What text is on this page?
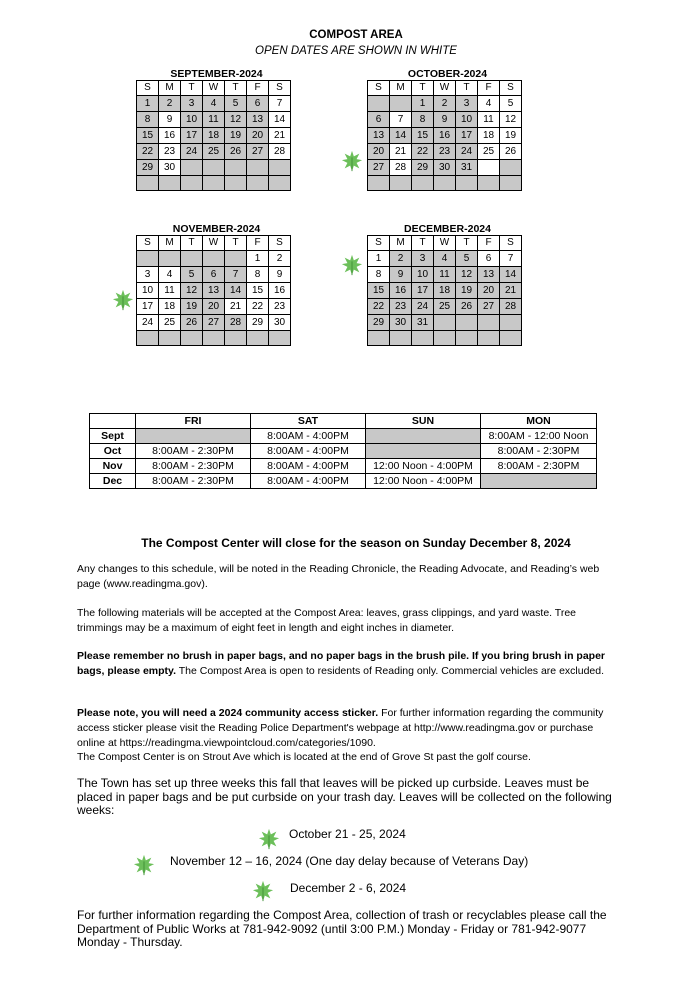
COMPOST AREA
OPEN DATES ARE SHOWN IN WHITE
SEPTEMBER-2024
S	M	T	W	T	F	S
1	2	3	4	5	6	7
8	9	10	11	12	13	14
15	16	17	18	19	20	21
22	23	24	25	26	27	28
29	30					

OCTOBER-2024
S	M	T	W	T	F	S
		1	2	3	4	5
6	7	8	9	10	11	12
13	14	15	16	17	18	19
20	21	22	23	24	25	26
27	28	29	30	31		

NOVEMBER-2024
S	M	T	W	T	F	S
					1	2
3	4	5	6	7	8	9
10	11	12	13	14	15	16
17	18	19	20	21	22	23
24	25	26	27	28	29	30

DECEMBER-2024
S	M	T	W	T	F	S
1	2	3	4	5	6	7
8	9	10	11	12	13	14
15	16	17	18	19	20	21
22	23	24	25	26	27	28
29	30	31				

	FRI	SAT	SUN	MON
Sept		8:00AM - 4:00PM		8:00AM - 12:00 Noon
Oct	8:00AM - 2:30PM	8:00AM - 4:00PM		8:00AM - 2:30PM
Nov	8:00AM - 2:30PM	8:00AM - 4:00PM	12:00 Noon - 4:00PM	8:00AM - 2:30PM
Dec	8:00AM - 2:30PM	8:00AM - 4:00PM	12:00 Noon - 4:00PM	
The Compost Center will close for the season on Sunday December 8, 2024
Any changes to this schedule, will be noted in the Reading Chronicle, the Reading Advocate, and Reading’s web page (www.readingma.gov).
The following materials will be accepted at the Compost Area: leaves, grass clippings, and yard waste. Tree trimmings may be a maximum of eight feet in length and eight inches in diameter.
Please remember no brush in paper bags, and no paper bags in the brush pile. If you bring brush in paper bags, please empty. The Compost Area is open to residents of Reading only. Commercial vehicles are excluded.
Please note, you will need a 2024 community access sticker. For further information regarding the community access sticker please visit the Reading Police Department's webpage at http://www.readingma.gov or purchase online at https://readingma.viewpointcloud.com/categories/1090.
The Compost Center is on Strout Ave which is located at the end of Grove St past the golf course.
The Town has set up three weeks this fall that leaves will be picked up curbside. Leaves must be placed in paper bags and be put curbside on your trash day. Leaves will be collected on the following weeks:
October 21 - 25, 2024
November 12 – 16, 2024 (One day delay because of Veterans Day)
December 2 - 6, 2024
For further information regarding the Compost Area, collection of trash or recyclables please call the Department of Public Works at 781-942-9092 (until 3:00 P.M.) Monday - Friday or 781-942-9077 Monday - Thursday.
